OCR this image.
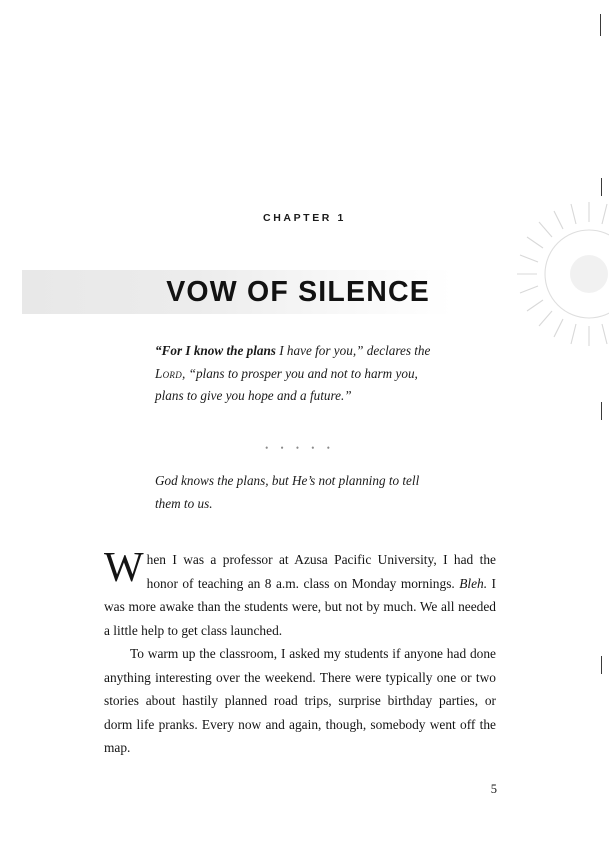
CHAPTER 1
VOW OF SILENCE
“For I know the plans I have for you,” declares the Lord, “plans to prosper you and not to harm you, plans to give you hope and a future.”
• • • • •
God knows the plans, but He’s not planning to tell them to us.

When I was a professor at Azusa Pacific University, I had the honor of teaching an 8 a.m. class on Monday mornings. Bleh. I was more awake than the students were, but not by much. We all needed a little help to get class launched.

To warm up the classroom, I asked my students if anyone had done anything interesting over the weekend. There were typically one or two stories about hastily planned road trips, surprise birthday parties, or dorm life pranks. Every now and again, though, somebody went off the map.

5
